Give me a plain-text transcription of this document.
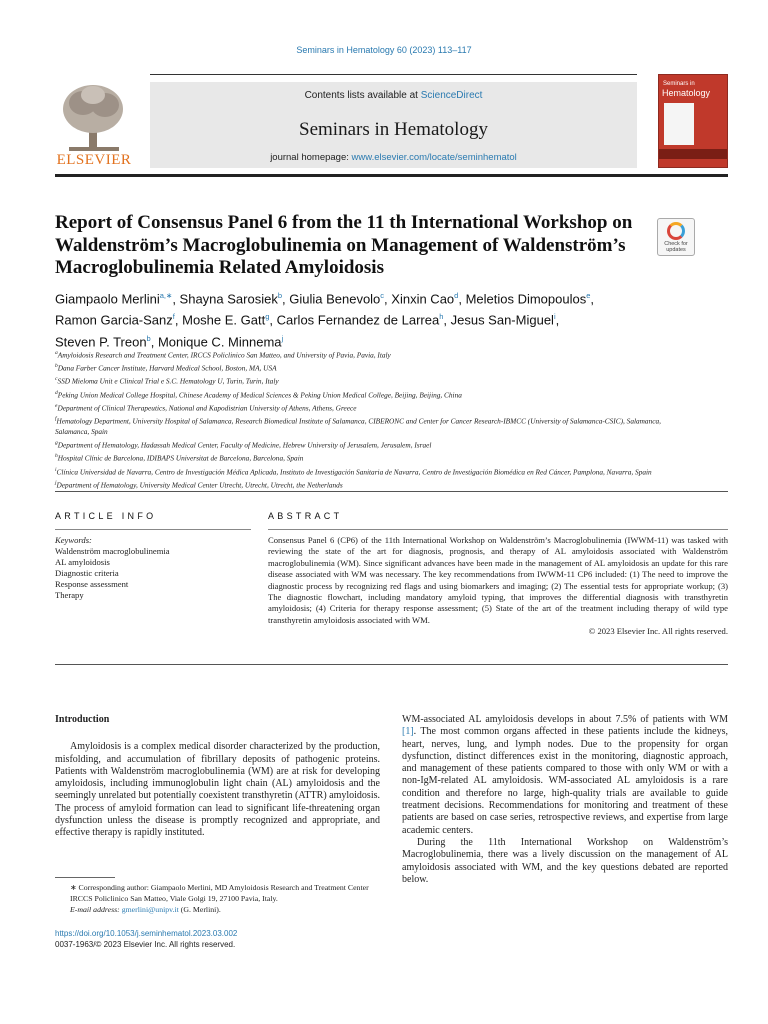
Seminars in Hematology 60 (2023) 113–117
ELSEVIER
Contents lists available at ScienceDirect
Seminars in Hematology
journal homepage: www.elsevier.com/locate/seminhematol
Seminars in
Hematology
Report of Consensus Panel 6 from the 11 th International Workshop on Waldenström’s Macroglobulinemia on Management of Waldenström’s Macroglobulinemia Related Amyloidosis
Check for
updates
Giampaolo Merlini$^{a,∗}$, Shayna Sarosiek$^b$, Giulia Benevolo$^c$, Xinxin Cao$^d$, Meletios Dimopoulos$^e$,
Ramon Garcia-Sanz$^f$, Moshe E. Gatt$^g$, Carlos Fernandez de Larrea$^h$, Jesus San-Miguel$^i$,
Steven P. Treon$^b$, Monique C. Minnema$^j$
$^a$Amyloidosis Research and Treatment Center, IRCCS Policlinico San Matteo, and University of Pavia, Pavia, Italy
$^b$Dana Farber Cancer Institute, Harvard Medical School, Boston, MA, USA
$^c$SSD Mieloma Unit e Clinical Trial e S.C. Hematology U, Turin, Turin, Italy
$^d$Peking Union Medical College Hospital, Chinese Academy of Medical Sciences & Peking Union Medical College, Beijing, Beijing, China
$^e$Department of Clinical Therapeutics, National and Kapodistrian University of Athens, Athens, Greece
$^f$Hematology Department, University Hospital of Salamanca, Research Biomedical Institute of Salamanca, CIBERONC and Center for Cancer Research-IBMCC (University of Salamanca-CSIC), Salamanca, Salamanca, Spain
$^g$Department of Hematology, Hadassah Medical Center, Faculty of Medicine, Hebrew University of Jerusalem, Jerusalem, Israel
$^h$Hospital Clínic de Barcelona, IDIBAPS Universitat de Barcelona, Barcelona, Spain
$^i$Clínica Universidad de Navarra, Centro de Investigación Médica Aplicada, Instituto de Investigación Sanitaria de Navarra, Centro de Investigación Biomédica en Red Cáncer, Pamplona, Navarra, Spain
$^j$Department of Hematology, University Medical Center Utrecht, Utrecht, Utrecht, the Netherlands
ARTICLE INFO	ABSTRACT
Keywords:
Waldenström macroglobulinemia
AL amyloidosis
Diagnostic criteria
Response assessment
Therapy

Consensus Panel 6 (CP6) of the 11th International Workshop on Waldenström’s Macroglobulinemia (IWWM-11) was tasked with reviewing the state of the art for diagnosis, prognosis, and therapy of AL amyloidosis associated with Waldenström macroglobulinemia (WM). Since significant advances have been made in the management of AL amyloidosis an update for this rare disease associated with WM was necessary. The key recommendations from IWWM-11 CP6 included: (1) The need to improve the diagnostic process by recognizing red flags and using biomarkers and imaging; (2) The essential tests for appropriate workup; (3) The diagnostic flowchart, including mandatory amyloid typing, that improves the differential diagnosis with transthyretin amyloidosis; (4) Criteria for therapy response assessment; (5) State of the art of the treatment including therapy of wild type transthyretin amyloidosis associated with WM.

© 2023 Elsevier Inc. All rights reserved.

Introduction

Amyloidosis is a complex medical disorder characterized by the production, misfolding, and accumulation of fibrillary deposits of pathogenic proteins. Patients with Waldenström macroglobulinemia (WM) are at risk for developing amyloidosis, including immunoglobulin light chain (AL) amyloidosis and the seemingly unrelated but potentially coexistent transthyretin (ATTR) amyloidosis. The process of amyloid formation can lead to significant life-threatening organ dysfunction unless the disease is promptly recognized and appropriate, and effective therapy is rapidly instituted.

WM-associated AL amyloidosis develops in about 7.5% of patients with WM [1]. The most common organs affected in these patients include the kidneys, heart, nerves, lung, and lymph nodes. Due to the propensity for organ dysfunction, distinct differences exist in the monitoring, diagnostic approach, and management of these patients compared to those with only WM or with a non-IgM-related AL amyloidosis. WM-associated AL amyloidosis is a rare condition and therefore no large, high-quality trials are available to guide treatment decisions. Recommendations for monitoring and treatment of these patients are based on case series, retrospective reviews, and expertise from large academic centers.

During the 11th International Workshop on Waldenström’s Macroglobulinemia, there was a lively discussion on the management of AL amyloidosis associated with WM, and the key questions debated are reported below.

∗ Corresponding author: Giampaolo Merlini, MD Amyloidosis Research and Treatment Center IRCCS Policlinico San Matteo, Viale Golgi 19, 27100 Pavia, Italy.
E-mail address: gmerlini@unipv.it (G. Merlini).
https://doi.org/10.1053/j.seminhematol.2023.03.002
0037-1963/© 2023 Elsevier Inc. All rights reserved.
